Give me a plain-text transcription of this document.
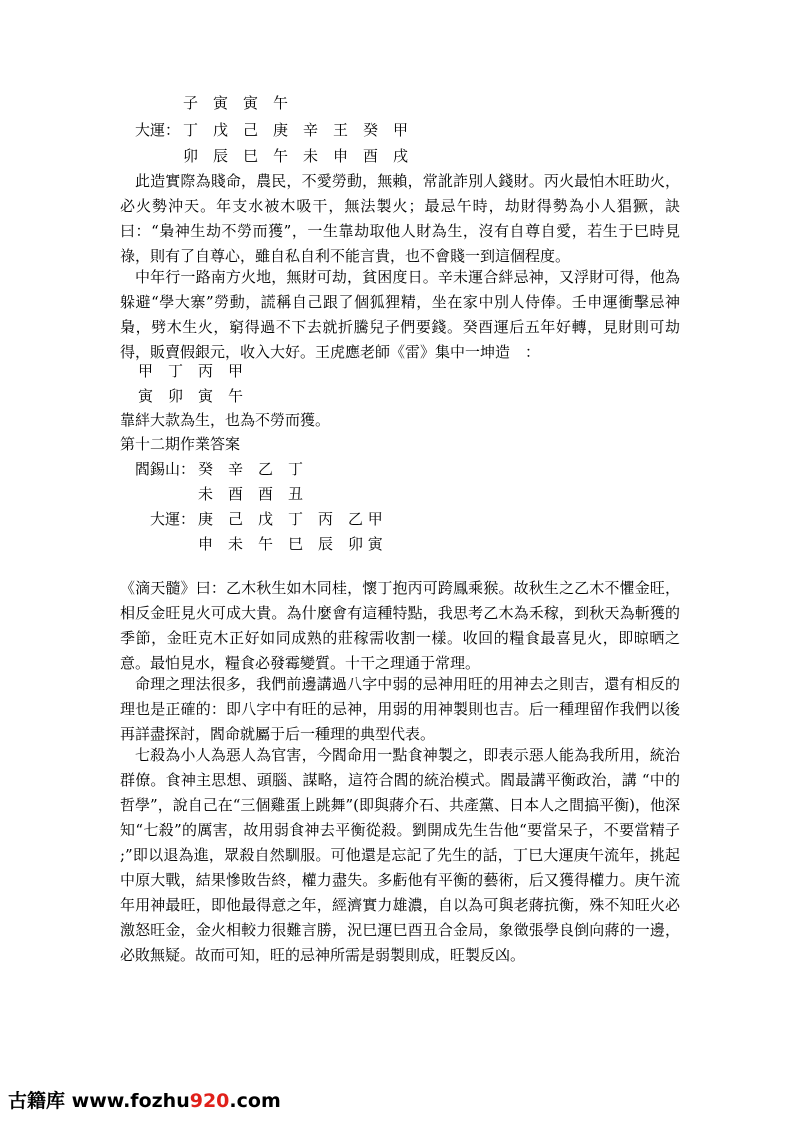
子　寅　寅　午
大運： 丁　戊　己　庚　辛　王　癸　甲
卯　辰　巳　午　未　申　酉　戌
此造實際為賤命，農民，不愛勞動，無賴，常訛詐別人錢財。丙火最怕木旺助火，必火勢沖天。年支水被木吸干，無法製火；最忌午時，劫財得勢為小人猖獗，訣曰：“梟神生劫不勞而獲”，一生靠劫取他人財為生，沒有自尊自愛，若生于巳時見祿，則有了自尊心，雖自私自利不能言貴，也不會賤一到這個程度。
中年行一路南方火地，無財可劫，貧困度日。辛未運合絆忌神，又浮財可得，他為躲避“學大寨”勞動，謊稱自己跟了個狐狸精，坐在家中別人侍俸。壬申運衝擊忌神梟，劈木生火，窮得過不下去就折騰兒子們要錢。癸酉運后五年好轉，見財則可劫得，販賣假銀元，收入大好。王虎應老師《雷》集中一坤造　：
甲　丁　丙　甲
寅　卯　寅　午
靠絆大款為生，也為不勞而獲。
第十二期作業答案
閻錫山： 癸　辛　乙　丁
未　酉　酉　丑
大運： 庚　己　戊　丁　丙　乙 甲
申　未　午　巳　辰　卯 寅
《滴天髓》曰：乙木秋生如木同桂，懷丁抱丙可跨鳳乘猴。故秋生之乙木不懼金旺，相反金旺見火可成大貴。為什麼會有這種特點，我思考乙木為禾稼，到秋天為斬獲的季節，金旺克木正好如同成熟的莊稼需收割一樣。收回的糧食最喜見火，即晾晒之意。最怕見水，糧食必發霉變質。十干之理通于常理。
命理之理法很多，我們前邊講過八字中弱的忌神用旺的用神去之則吉，還有相反的理也是正確的：即八字中有旺的忌神，用弱的用神製則也吉。后一種理留作我們以後再詳盡探討，閻命就屬于后一種理的典型代表。
七殺為小人為惡人為官害，今閻命用一點食神製之，即表示惡人能為我所用，統治群僚。食神主思想、頭腦、謀略，這符合閻的統治模式。閻最講平衡政治，講 “中的哲學”，說自己在“三個雞蛋上跳舞”(即與蔣介石、共產黨、日本人之間搞平衡)，他深知“七殺”的厲害，故用弱食神去平衡從殺。劉開成先生告他“要當呆子，不要當精子 ;”即以退為進，眾殺自然馴服。可他還是忘記了先生的話，丁巳大運庚午流年，挑起中原大戰，結果慘敗告終，權力盡失。多虧他有平衡的藝術，后又獲得權力。庚午流年用神最旺，即他最得意之年，經濟實力雄濃，自以為可與老蔣抗衡，殊不知旺火必激怒旺金，金火相較力很難言勝，況巳運巳酉丑合金局，象徵張學良倒向蔣的一邊，必敗無疑。故而可知，旺的忌神所需是弱製則成，旺製反凶。
古籍库 www.fozhu920.com
